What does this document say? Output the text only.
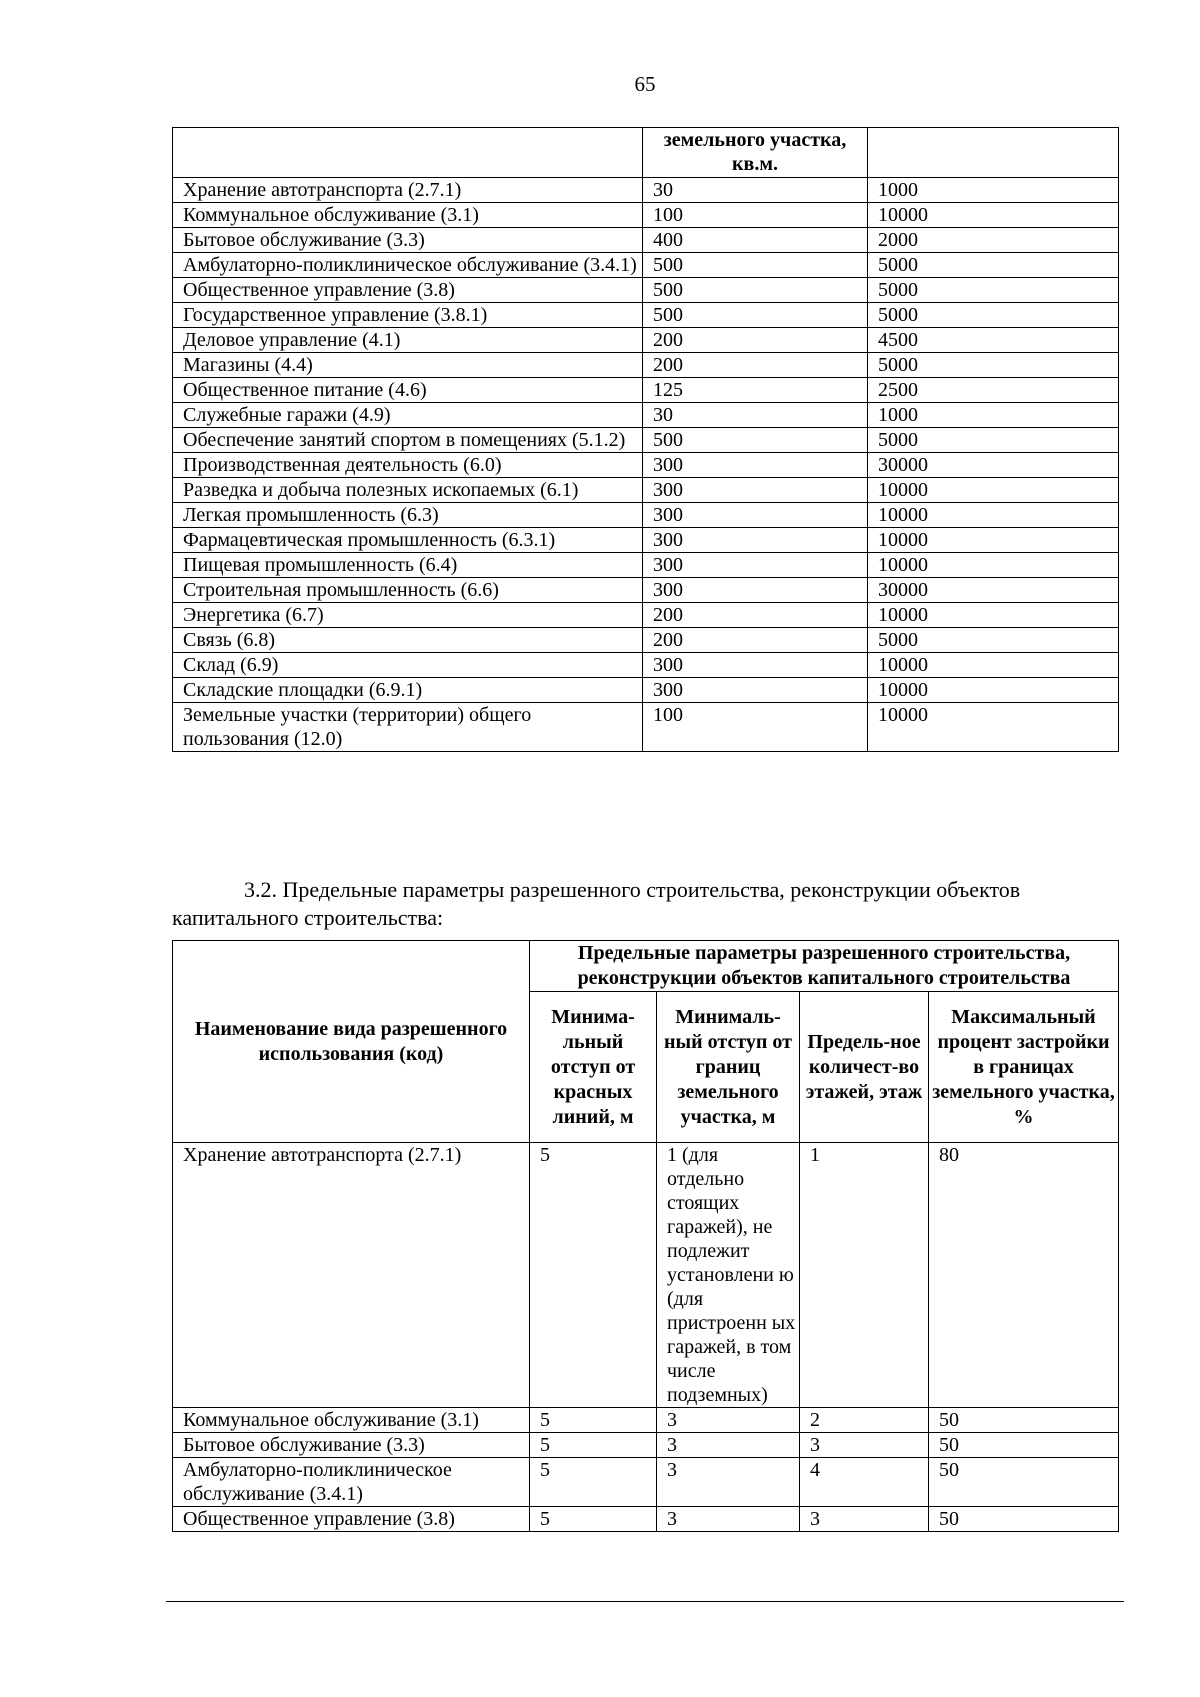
65
	земельного участка, кв.м.	
Хранение автотранспорта (2.7.1)	30	1000
Коммунальное обслуживание (3.1)	100	10000
Бытовое обслуживание (3.3)	400	2000
Амбулаторно-поликлиническое обслуживание (3.4.1)	500	5000
Общественное управление (3.8)	500	5000
Государственное управление (3.8.1)	500	5000
Деловое управление (4.1)	200	4500
Магазины (4.4)	200	5000
Общественное питание (4.6)	125	2500
Служебные гаражи (4.9)	30	1000
Обеспечение занятий спортом в помещениях (5.1.2)	500	5000
Производственная деятельность (6.0)	300	30000
Разведка и добыча полезных ископаемых (6.1)	300	10000
Легкая промышленность (6.3)	300	10000
Фармацевтическая промышленность (6.3.1)	300	10000
Пищевая промышленность (6.4)	300	10000
Строительная промышленность (6.6)	300	30000
Энергетика (6.7)	200	10000
Связь (6.8)	200	5000
Склад (6.9)	300	10000
Складские площадки (6.9.1)	300	10000
Земельные участки (территории) общего пользования (12.0)	100	10000

3.2. Предельные параметры разрешенного строительства, реконструкции объектов капитального строительства:

Наименование вида разрешенного использования (код)	Предельные параметры разрешенного строительства, реконструкции объектов капитального строительства			
	Минима-льный отступ от красных линий, м	Минималь-ный отступ от границ земельного участка, м	Предель-ное количест-во этажей, этаж	Максимальный процент застройки в границах земельного участка, %
Хранение автотранспорта (2.7.1)	5	1 (для отдельно стоящих гаражей), не подлежит установлени ю (для пристроенн ых гаражей, в том числе подземных)	1	80
Коммунальное обслуживание (3.1)	5	3	2	50
Бытовое обслуживание (3.3)	5	3	3	50
Амбулаторно-поликлиническое обслуживание (3.4.1)	5	3	4	50
Общественное управление (3.8)	5	3	3	50
